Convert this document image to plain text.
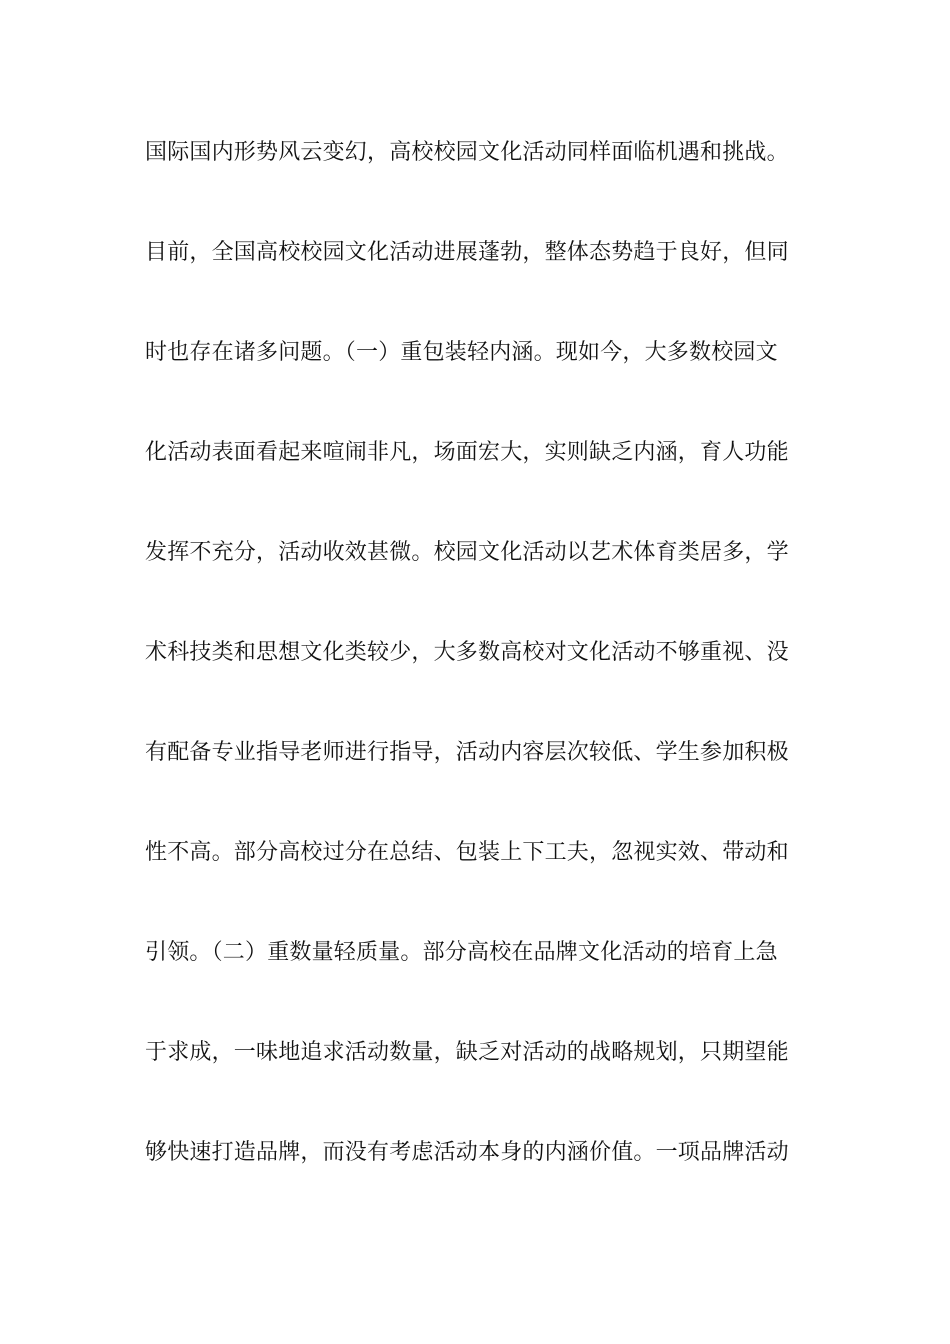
国际国内形势风云变幻，高校校园文化活动同样面临机遇和挑战。
目前，全国高校校园文化活动进展蓬勃，整体态势趋于良好，但同
时也存在诸多问题。（一）重包装轻内涵。现如今，大多数校园文
化活动表面看起来喧闹非凡，场面宏大，实则缺乏内涵，育人功能
发挥不充分，活动收效甚微。校园文化活动以艺术体育类居多，学
术科技类和思想文化类较少，大多数高校对文化活动不够重视、没
有配备专业指导老师进行指导，活动内容层次较低、学生参加积极
性不高。部分高校过分在总结、包装上下工夫，忽视实效、带动和
引领。（二）重数量轻质量。部分高校在品牌文化活动的培育上急
于求成，一味地追求活动数量，缺乏对活动的战略规划，只期望能
够快速打造品牌，而没有考虑活动本身的内涵价值。一项品牌活动
